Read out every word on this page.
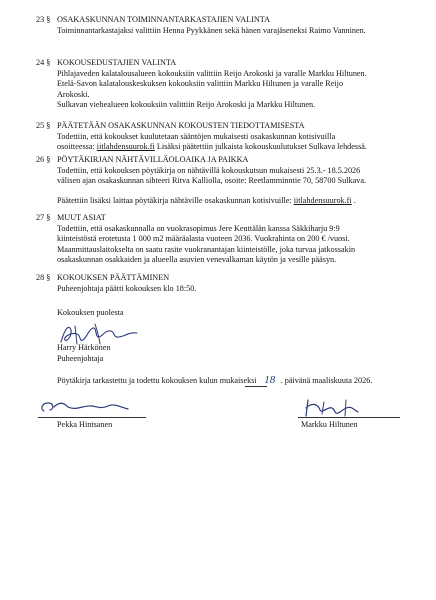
23 § OSAKASKUNNAN TOIMINNANTARKASTAJIEN VALINTA

Toiminnantarkastajaksi valittiin Henna Pyykkänen sekä hänen varajäseneksi Raimo Vanninen.

24 § KOKOUSEDUSTAJIEN VALINTA

Pihlajaveden kalatalousalueen kokouksiin valittiin Reijo Arokoski ja varalle Markku Hiltunen.

Etelä-Savon kalatalouskeskuksen kokouksiin valittiin Markku Hiltunen ja varalle Reijo

Arokoski.

Sulkavan viehealueen kokouksiin valittiin Reijo Arokoski ja Markku Hiltunen.

25 § PÄÄTETÄÄN OSAKASKUNNAN KOKOUSTEN TIEDOTTAMISESTA

Todettiin, että kokoukset kuulutetaan sääntöjen mukaisesti osakaskunnan kotisivuilla

osoitteessa: iitlahdensuurok.fi Lisäksi päätettiin julkaista kokouskuulutukset Sulkava lehdessä.

26 § PÖYTÄKIRJAN NÄHTÄVILLÄOLOAIKA JA PAIKKA

Todettiin, että kokouksen pöytäkirja on nähtävillä kokouskutsun mukaisesti 25.3.- 18.5.2026

välisen ajan osakaskunnan sihteeri Ritva Kalliolla, osoite: Reetlamminntie 70, 58700 Sulkava.

Päätettiin lisäksi laittaa pöytäkirja nähtäville osakaskunnan kotisivuille: iitlahdensuurok.fi .

27 § MUUT ASIAT

Todettiin, että osakaskunnalla on vuokrasopimus Jere Kenttälän kanssa Säkkiharju 9:9

kiinteistöstä erotetusta 1 000 m2 määräalasta vuoteen 2036. Vuokrahinta on 200 € /vuosi.

Maanmittauslaitokselta on saatu rasite vuokranantajan kiinteistölle, joka turvaa jatkossakin

osakaskunnan osakkaiden ja alueella asuvien venevalkaman käytön ja vesille pääsyn.

28 § KOKOUKSEN PÄÄTTÄMINEN

Puheenjohtaja päätti kokouksen klo 18:50.

Kokouksen puolesta
Harry Härkönen
Puheenjohtaja
Pöytäkirja tarkastettu ja todettu kokouksen kulun mukaiseksi 18 . päivänä maaliskuuta 2026.
Pekka Hintsanen	Markku Hiltunen
